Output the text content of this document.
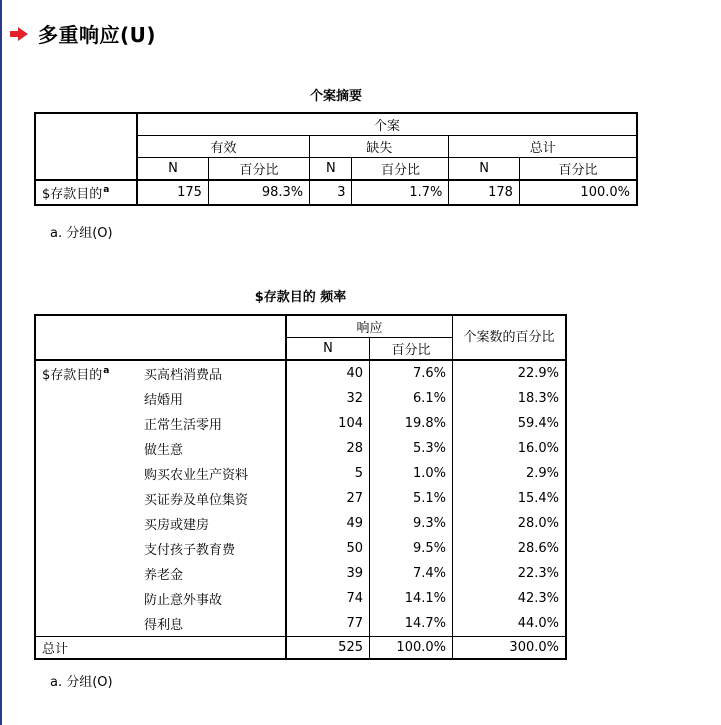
多重响应(U)
个案摘要
	个案					
	有效		缺失		总计	
	N	百分比	N	百分比	N	百分比
$存款目的$^a$	175	98.3%	3	1.7%	178	100.0%
a. 分组(O)
$存款目的 频率
		响应		个案数的百分比
		N	百分比	
$存款目的$^a$	买高档消费品	40	7.6%	22.9%
	结婚用	32	6.1%	18.3%
	正常生活零用	104	19.8%	59.4%
	做生意	28	5.3%	16.0%
	购买农业生产资料	5	1.0%	2.9%
	买证券及单位集资	27	5.1%	15.4%
	买房或建房	49	9.3%	28.0%
	支付孩子教育费	50	9.5%	28.6%
	养老金	39	7.4%	22.3%
	防止意外事故	74	14.1%	42.3%
	得利息	77	14.7%	44.0%
总计		525	100.0%	300.0%
a. 分组(O)
